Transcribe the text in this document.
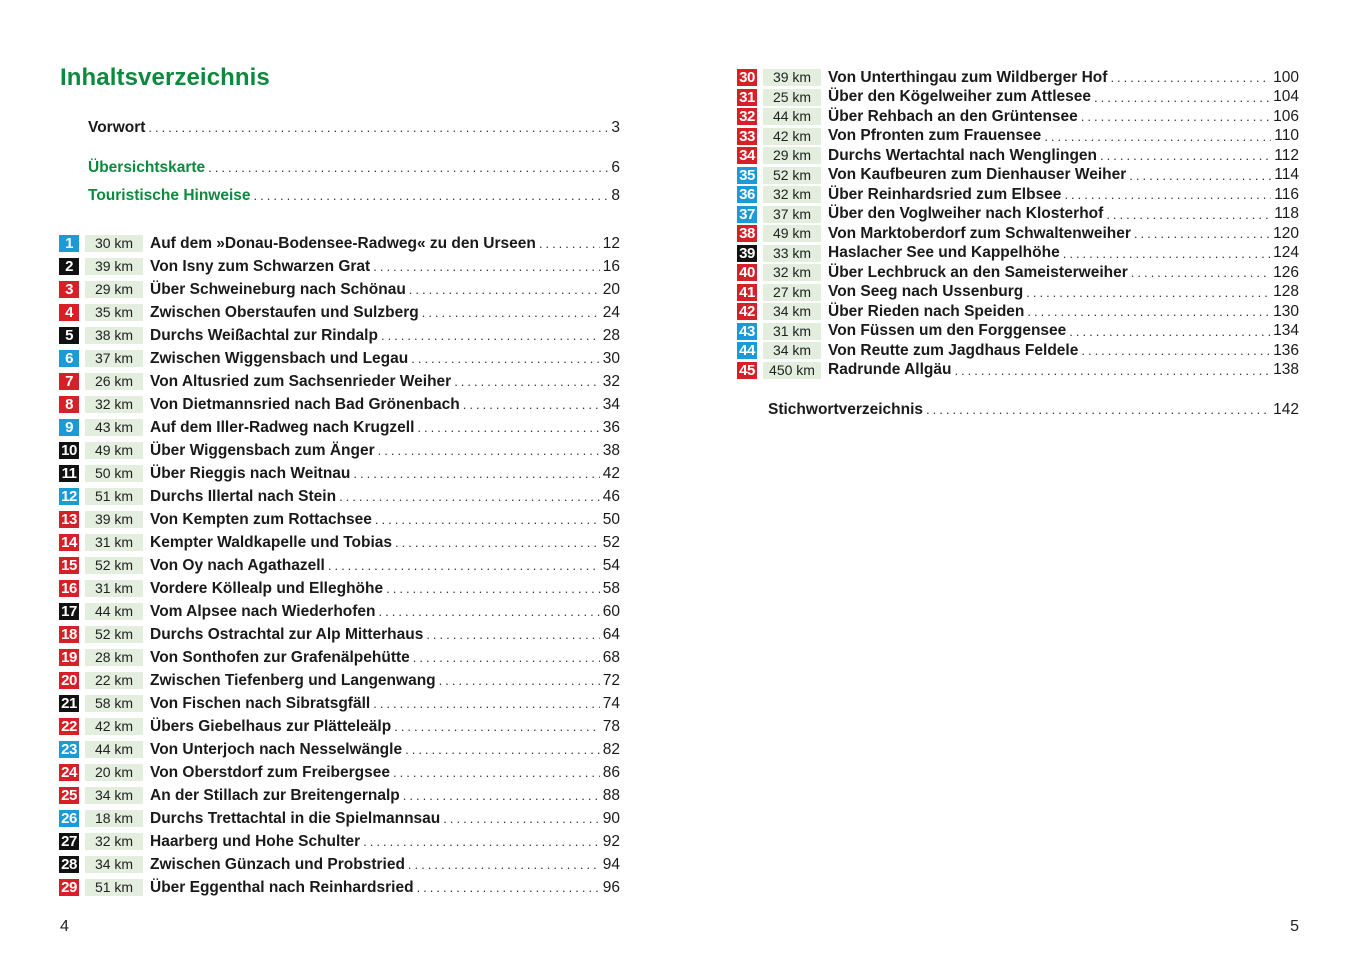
Inhaltsverzeichnis
Vorwort .....	3
Übersichtskarte .....	6
Touristische Hinweise .....	8
1	30 km	Auf dem »Donau-Bodensee-Radweg« zu den Urseen .....	12
2	39 km	Von Isny zum Schwarzen Grat .....	16
3	29 km	Über Schweineburg nach Schönau .....	20
4	35 km	Zwischen Oberstaufen und Sulzberg .....	24
5	38 km	Durchs Weißachtal zur Rindalp .....	28
6	37 km	Zwischen Wiggensbach und Legau .....	30
7	26 km	Von Altusried zum Sachsenrieder Weiher .....	32
8	32 km	Von Dietmannsried nach Bad Grönenbach .....	34
9	43 km	Auf dem Iller-Radweg nach Krugzell .....	36
10	49 km	Über Wiggensbach zum Änger .....	38
11	50 km	Über Rieggis nach Weitnau .....	42
12	51 km	Durchs Illertal nach Stein .....	46
13	39 km	Von Kempten zum Rottachsee .....	50
14	31 km	Kempter Waldkapelle und Tobias .....	52
15	52 km	Von Oy nach Agathazell .....	54
16	31 km	Vordere Köllealp und Elleghöhe .....	58
17	44 km	Vom Alpsee nach Wiederhofen .....	60
18	52 km	Durchs Ostrachtal zur Alp Mitterhaus .....	64
19	28 km	Von Sonthofen zur Grafenälpehütte .....	68
20	22 km	Zwischen Tiefenberg und Langenwang .....	72
21	58 km	Von Fischen nach Sibratsgfäll .....	74
22	42 km	Übers Giebelhaus zur Plätteleälp .....	78
23	44 km	Von Unterjoch nach Nesselwängle .....	82
24	20 km	Von Oberstdorf zum Freibergsee .....	86
25	34 km	An der Stillach zur Breitengernalp .....	88
26	18 km	Durchs Trettachtal in die Spielmannsau .....	90
27	32 km	Haarberg und Hohe Schulter .....	92
28	34 km	Zwischen Günzach und Probstried .....	94
29	51 km	Über Eggenthal nach Reinhardsried .....	96
4
30	39 km	Von Unterthingau zum Wildberger Hof .....	100
31	25 km	Über den Kögelweiher zum Attlesee .....	104
32	44 km	Über Rehbach an den Grüntensee .....	106
33	42 km	Von Pfronten zum Frauensee .....	110
34	29 km	Durchs Wertachtal nach Wenglingen .....	112
35	52 km	Von Kaufbeuren zum Dienhauser Weiher .....	114
36	32 km	Über Reinhardsried zum Elbsee .....	116
37	37 km	Über den Voglweiher nach Klosterhof .....	118
38	49 km	Von Marktoberdorf zum Schwaltenweiher .....	120
39	33 km	Haslacher See und Kappelhöhe .....	124
40	32 km	Über Lechbruck an den Sameisterweiher .....	126
41	27 km	Von Seeg nach Ussenburg .....	128
42	34 km	Über Rieden nach Speiden .....	130
43	31 km	Von Füssen um den Forggensee .....	134
44	34 km	Von Reutte zum Jagdhaus Feldele .....	136
45	450 km Radrunde Allgäu .....	138
Stichwortverzeichnis .....	142
5
